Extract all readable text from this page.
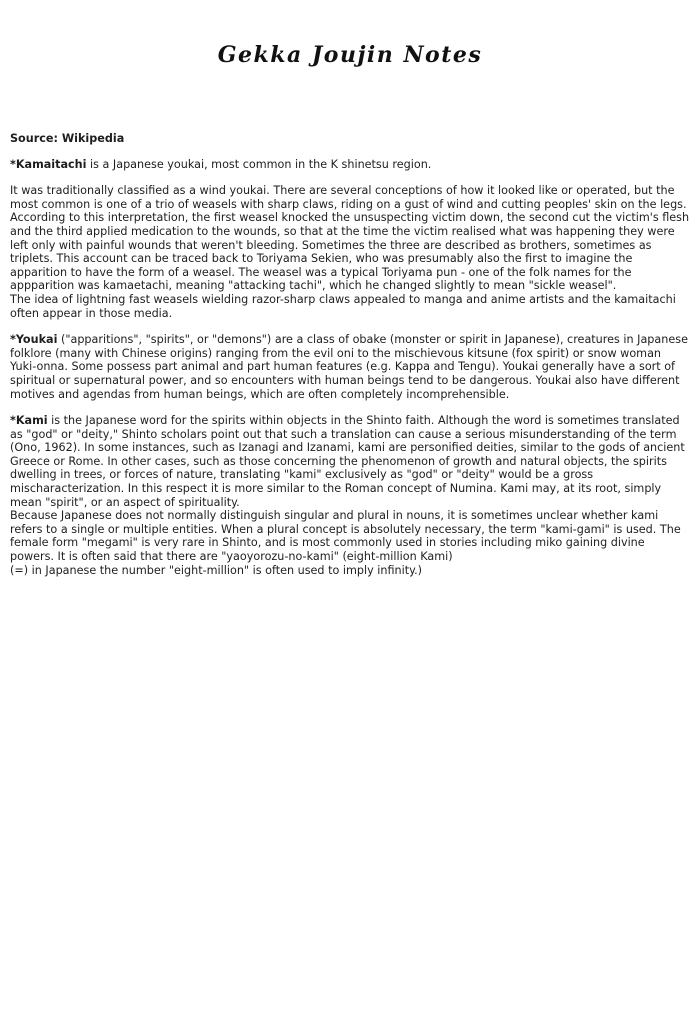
Gekka Joujin Notes

Source: Wikipedia

*Kamaitachi is a Japanese youkai, most common in the K shinetsu region.

It was traditionally classified as a wind youkai. There are several conceptions of how it looked like or operated, but the most common is one of a trio of weasels with sharp claws, riding on a gust of wind and cutting peoples' skin on the legs. According to this interpretation, the first weasel knocked the unsuspecting victim down, the second cut the victim's flesh and the third applied medication to the wounds, so that at the time the victim realised what was happening they were left only with painful wounds that weren't bleeding. Sometimes the three are described as brothers, sometimes as triplets. This account can be traced back to Toriyama Sekien, who was presumably also the first to imagine the apparition to have the form of a weasel. The weasel was a typical Toriyama pun - one of the folk names for the appparition was kamaetachi, meaning "attacking tachi", which he changed slightly to mean "sickle weasel".

The idea of lightning fast weasels wielding razor-sharp claws appealed to manga and anime artists and the kamaitachi often appear in those media.

*Youkai ("apparitions", "spirits", or "demons") are a class of obake (monster or spirit in Japanese), creatures in Japanese folklore (many with Chinese origins) ranging from the evil oni to the mischievous kitsune (fox spirit) or snow woman Yuki-onna. Some possess part animal and part human features (e.g. Kappa and Tengu). Youkai generally have a sort of spiritual or supernatural power, and so encounters with human beings tend to be dangerous. Youkai also have different motives and agendas from human beings, which are often completely incomprehensible.

*Kami is the Japanese word for the spirits within objects in the Shinto faith. Although the word is sometimes translated as "god" or "deity," Shinto scholars point out that such a translation can cause a serious misunderstanding of the term (Ono, 1962). In some instances, such as Izanagi and Izanami, kami are personified deities, similar to the gods of ancient Greece or Rome. In other cases, such as those concerning the phenomenon of growth and natural objects, the spirits dwelling in trees, or forces of nature, translating "kami" exclusively as "god" or "deity" would be a gross mischaracterization. In this respect it is more similar to the Roman concept of Numina. Kami may, at its root, simply mean "spirit", or an aspect of spirituality.

Because Japanese does not normally distinguish singular and plural in nouns, it is sometimes unclear whether kami refers to a single or multiple entities. When a plural concept is absolutely necessary, the term "kami-gami" is used. The female form "megami" is very rare in Shinto, and is most commonly used in stories including miko gaining divine powers. It is often said that there are "yaoyorozu-no-kami" (eight-million Kami)

(=) in Japanese the number "eight-million" is often used to imply infinity.)
